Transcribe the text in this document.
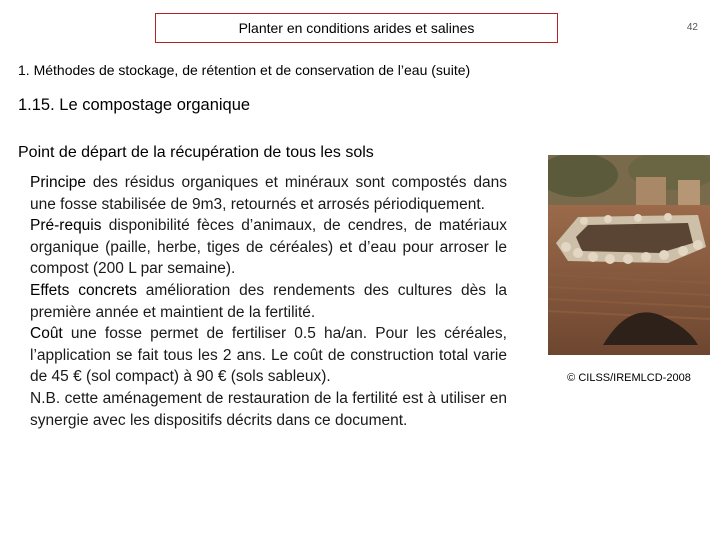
Planter en conditions arides et salines	42
1. Méthodes de stockage, de rétention et de conservation de l’eau (suite)
1.15. Le compostage organique
Point de départ de la récupération de tous les sols

Principe des résidus organiques et minéraux sont compostés dans une fosse stabilisée de 9m3, retournés et arrosés périodiquement.

Pré-requis disponibilité fèces d’animaux, de cendres, de matériaux organique (paille, herbe, tiges de céréales) et d’eau pour arroser le compost (200 L par semaine).

Effets concrets amélioration des rendements des cultures dès la première année et maintient de la fertilité.

Coût une fosse permet de fertiliser 0.5 ha/an. Pour les céréales, l’application se fait tous les 2 ans. Le coût de construction total varie de 45 € (sol compact) à 90 € (sols sableux).

N.B. cette aménagement de restauration de la fertilité est à utiliser en synergie avec les dispositifs décrits dans ce document.

© CILSS/IREMLCD-2008
